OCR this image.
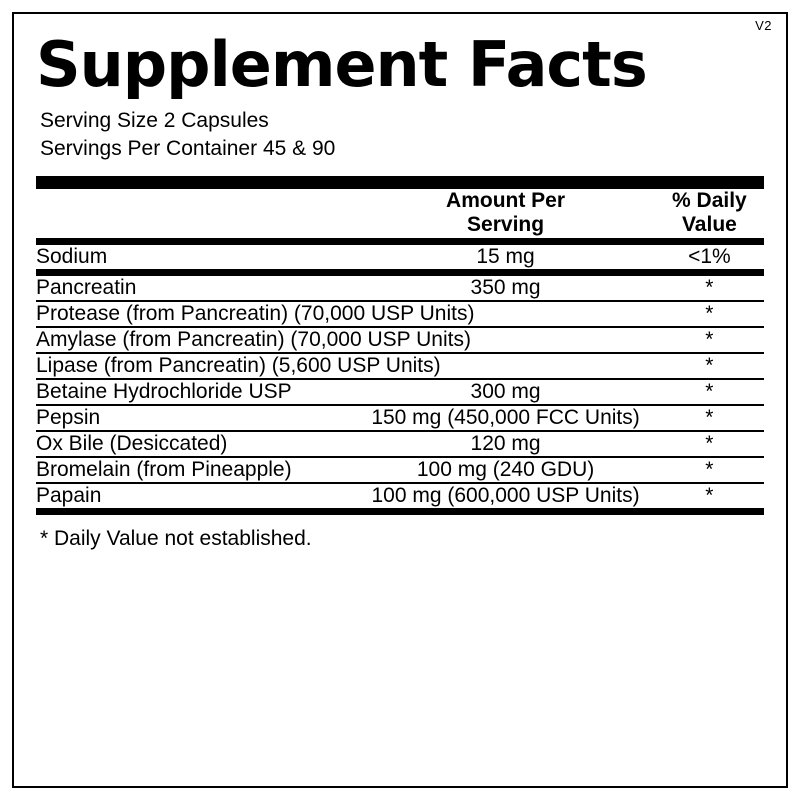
V2
Supplement Facts
Serving Size 2 Capsules
Servings Per Container 45 & 90

Amount Per
Serving

% Daily
Value
Sodium	15 mg	<1%
Pancreatin	350 mg	*
Protease (from Pancreatin) (70,000 USP Units)		*
Amylase (from Pancreatin) (70,000 USP Units)		*
Lipase (from Pancreatin) (5,600 USP Units)		*
Betaine Hydrochloride USP	300 mg	*
Pepsin	150 mg (450,000 FCC Units)	*
Ox Bile (Desiccated)	120 mg	*
Bromelain (from Pineapple)	100 mg (240 GDU)	*
Papain	100 mg (600,000 USP Units)	*
* Daily Value not established.
